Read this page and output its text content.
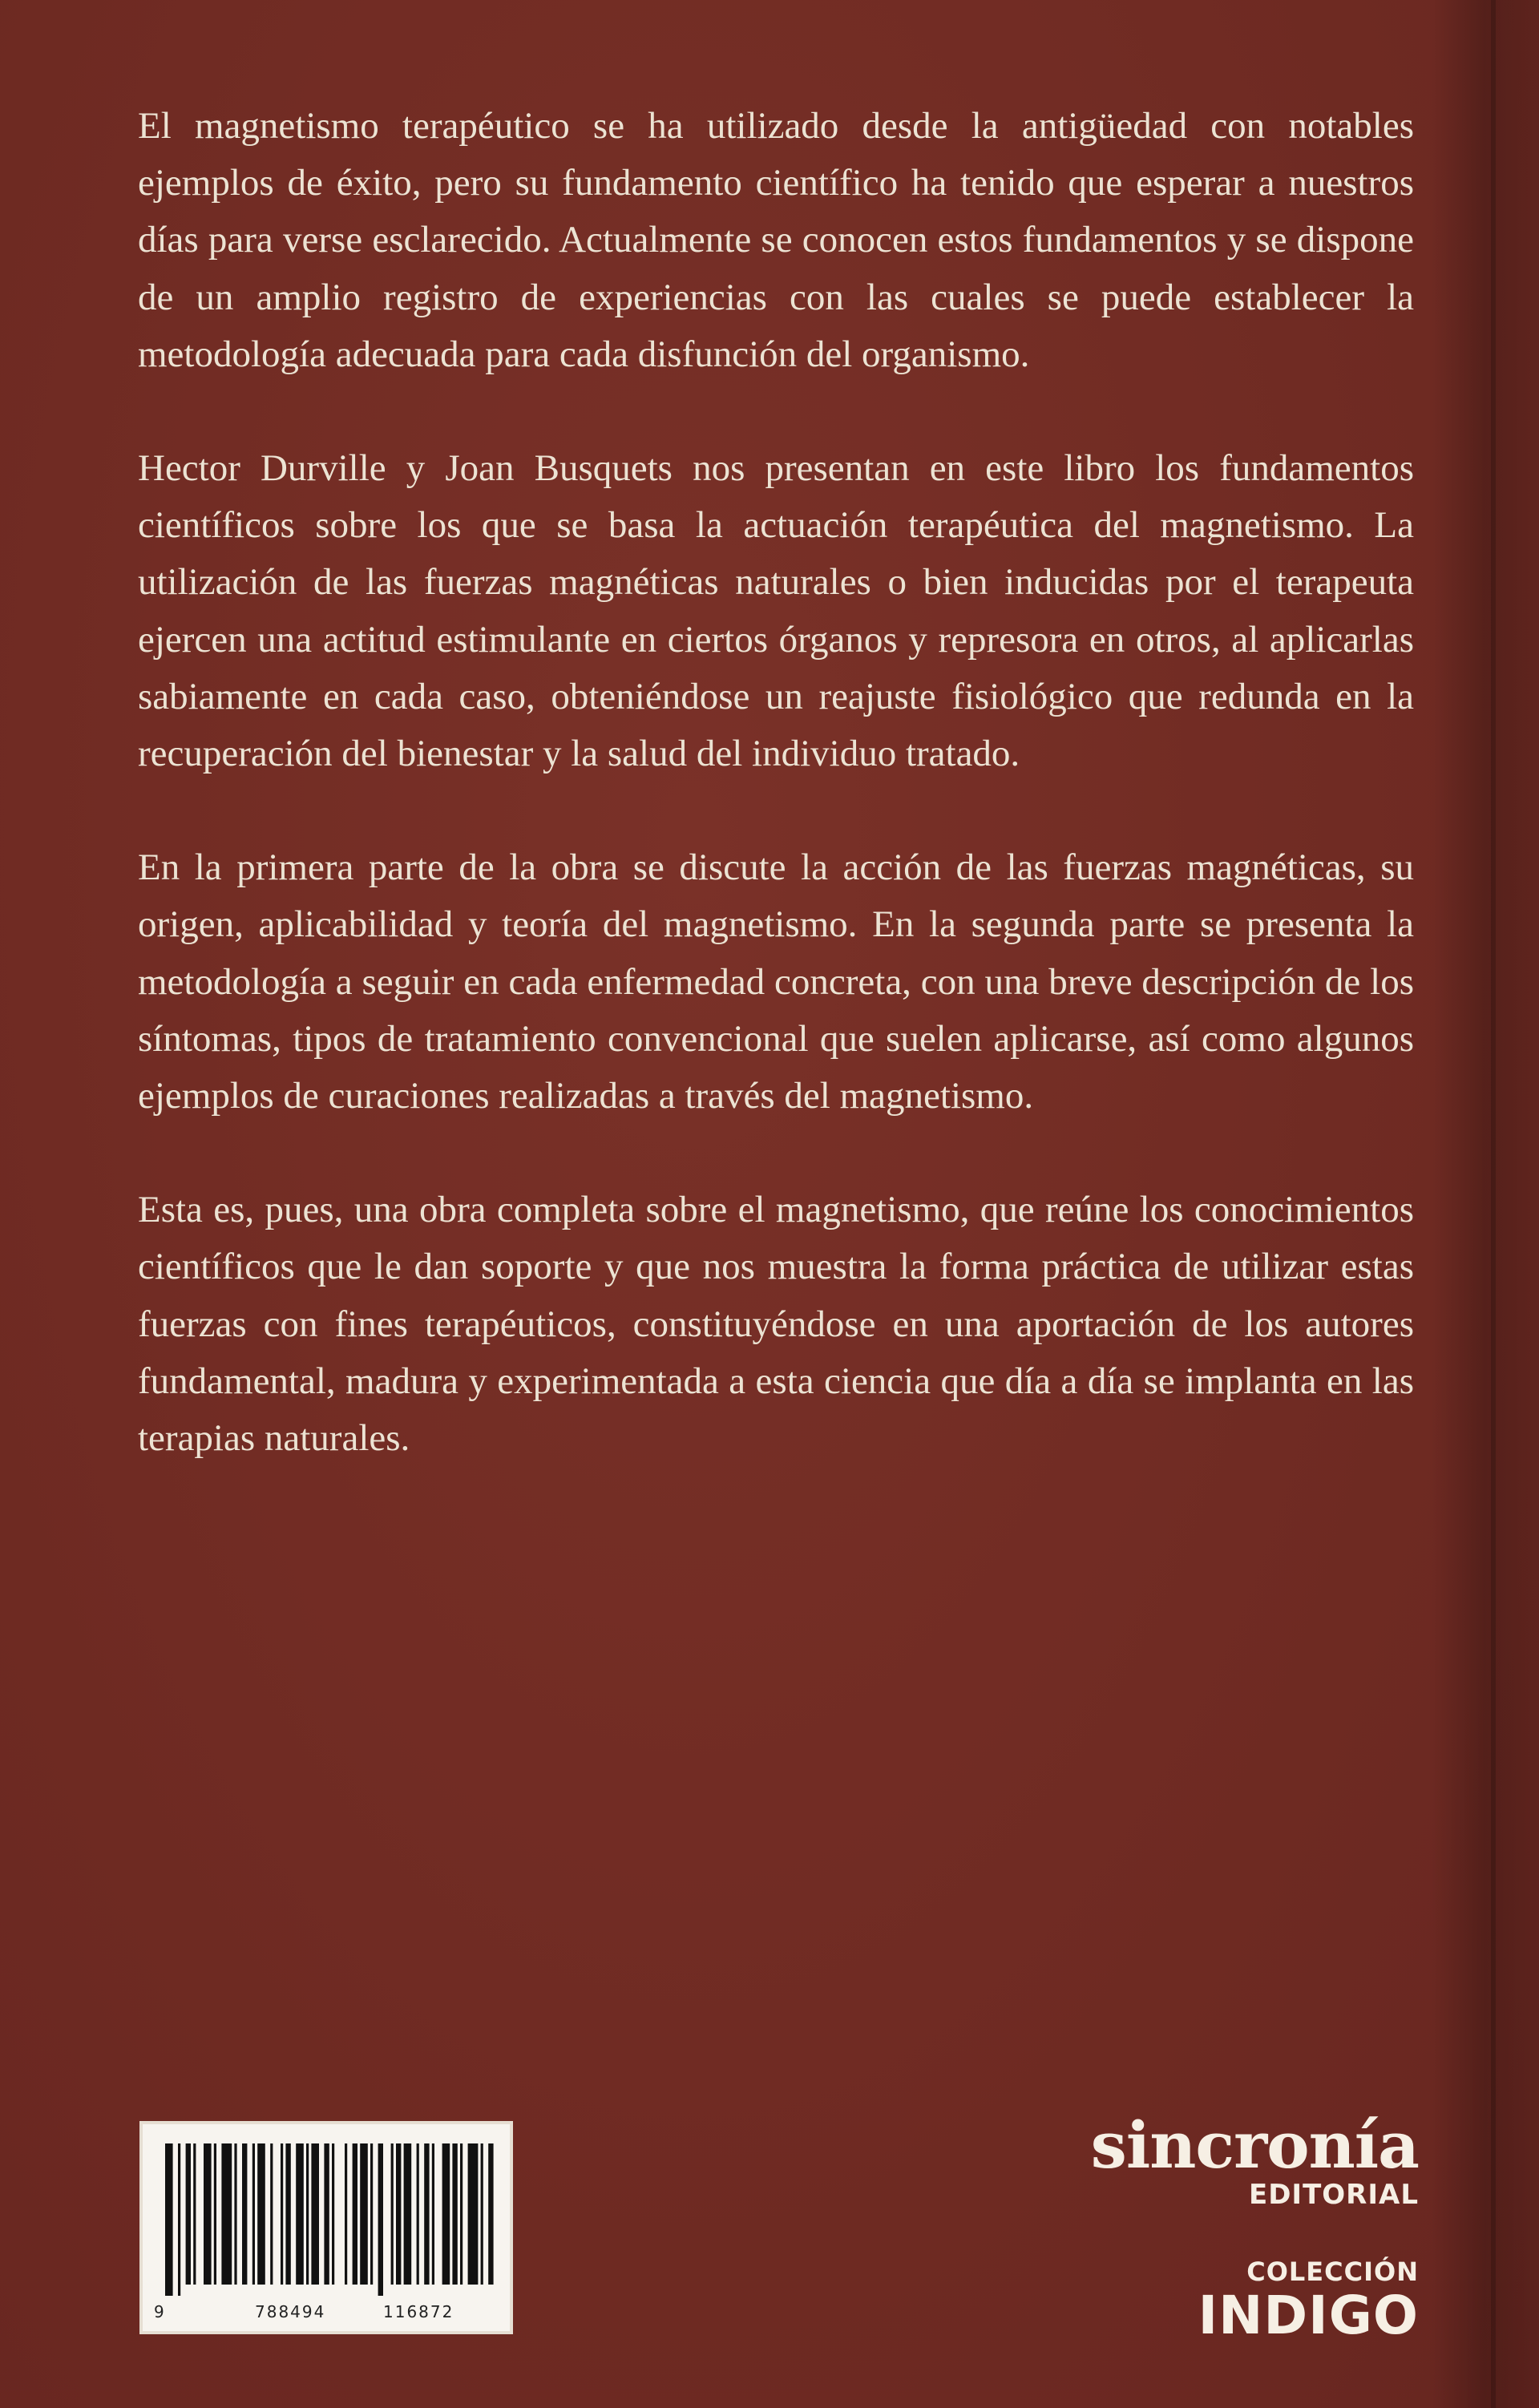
El magnetismo terapéutico se ha utilizado desde la antigüedad con notables ejemplos de éxito, pero su fundamento científico ha tenido que esperar a nuestros días para verse esclarecido. Actualmente se conocen estos fundamentos y se dispone de un amplio registro de experiencias con las cuales se puede establecer la metodología adecuada para cada disfunción del organismo.

Hector Durville y Joan Busquets nos presentan en este libro los fundamentos científicos sobre los que se basa la actuación terapéutica del magnetismo. La utilización de las fuerzas magnéticas naturales o bien inducidas por el terapeuta ejercen una actitud estimulante en ciertos órganos y represora en otros, al aplicarlas sabiamente en cada caso, obteniéndose un reajuste fisiológico que redunda en la recuperación del bienestar y la salud del individuo tratado.

En la primera parte de la obra se discute la acción de las fuerzas magnéticas, su origen, aplicabilidad y teoría del magnetismo. En la segunda parte se presenta la metodología a seguir en cada enfermedad concreta, con una breve descripción de los síntomas, tipos de tratamiento convencional que suelen aplicarse, así como algunos ejemplos de curaciones realizadas a través del magnetismo.

Esta es, pues, una obra completa sobre el magnetismo, que reúne los conocimientos científicos que le dan soporte y que nos muestra la forma práctica de utilizar estas fuerzas con fines terapéuticos, constituyéndose en una aportación de los autores fundamental, madura y experimentada a esta ciencia que día a día se implanta en las terapias naturales.

9	788494	116872
sincronía
EDITORIAL
COLECCIÓN
INDIGO
